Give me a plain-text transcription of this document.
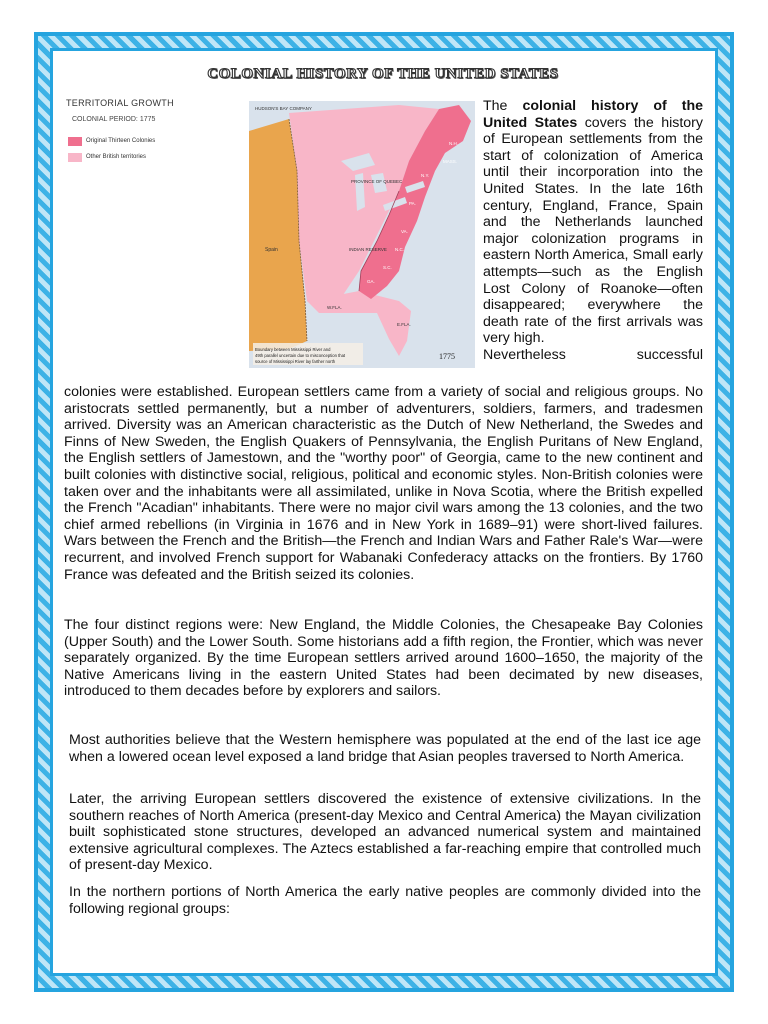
COLONIAL HISTORY OF THE UNITED STATES
TERRITORIAL GROWTH
COLONIAL PERIOD: 1775
Original Thirteen Colonies
Other British territories
HUDSON'S BAY COMPANY
PROVINCE OF QUEBEC
INDIAN RESERVE
W.FLA.
E.FLA.
Spain
N.H.
MASS.
N.Y.
PA.
VA.
N.C.
S.C.
GA.
Boundary between Mississippi River and
49th parallel uncertain due to misconception that
source of Mississippi River lay farther north
1775
The colonial history of the United States covers the history of European settlements from the start of colonization of America until their incorporation into the United States. In the late 16th century, England, France, Spain and the Netherlands launched major colonization programs in eastern North America, Small early attempts—such as the English Lost Colony of Roanoke—often disappeared; everywhere the death rate of the first arrivals was very high.
Nevertheless successful

colonies were established. European settlers came from a variety of social and religious groups. No aristocrats settled permanently, but a number of adventurers, soldiers, farmers, and tradesmen arrived. Diversity was an American characteristic as the Dutch of New Netherland, the Swedes and Finns of New Sweden, the English Quakers of Pennsylvania, the English Puritans of New England, the English settlers of Jamestown, and the "worthy poor" of Georgia, came to the new continent and built colonies with distinctive social, religious, political and economic styles. Non-British colonies were taken over and the inhabitants were all assimilated, unlike in Nova Scotia, where the British expelled the French "Acadian" inhabitants. There were no major civil wars among the 13 colonies, and the two chief armed rebellions (in Virginia in 1676 and in New York in 1689–91) were short-lived failures. Wars between the French and the British—the French and Indian Wars and Father Rale's War—were recurrent, and involved French support for Wabanaki Confederacy attacks on the frontiers. By 1760 France was defeated and the British seized its colonies.

The four distinct regions were: New England, the Middle Colonies, the Chesapeake Bay Colonies (Upper South) and the Lower South. Some historians add a fifth region, the Frontier, which was never separately organized. By the time European settlers arrived around 1600–1650, the majority of the Native Americans living in the eastern United States had been decimated by new diseases, introduced to them decades before by explorers and sailors.

Most authorities believe that the Western hemisphere was populated at the end of the last ice age when a lowered ocean level exposed a land bridge that Asian peoples traversed to North America.

Later, the arriving European settlers discovered the existence of extensive civilizations. In the southern reaches of North America (present-day Mexico and Central America) the Mayan civilization built sophisticated stone structures, developed an advanced numerical system and maintained extensive agricultural complexes. The Aztecs established a far-reaching empire that controlled much of present-day Mexico.

In the northern portions of North America the early native peoples are commonly divided into the following regional groups:
